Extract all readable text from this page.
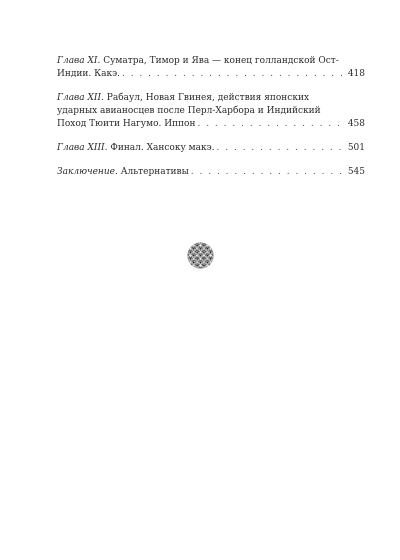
Глава XI.
Суматра, Тимор и Ява — конец голландской Ост-
Индии. Какэ. . . .	418
Глава XII.
Рабаул, Новая Гвинея, действия японских
ударных авианосцев после Перл-Харбора и Индийский
Поход Тюити Нагумо. Иппон . . .	458
Глава XIII.
Финал. Хансоку макэ. . . .	501
Заключение.
Альтернативы . . .	545
